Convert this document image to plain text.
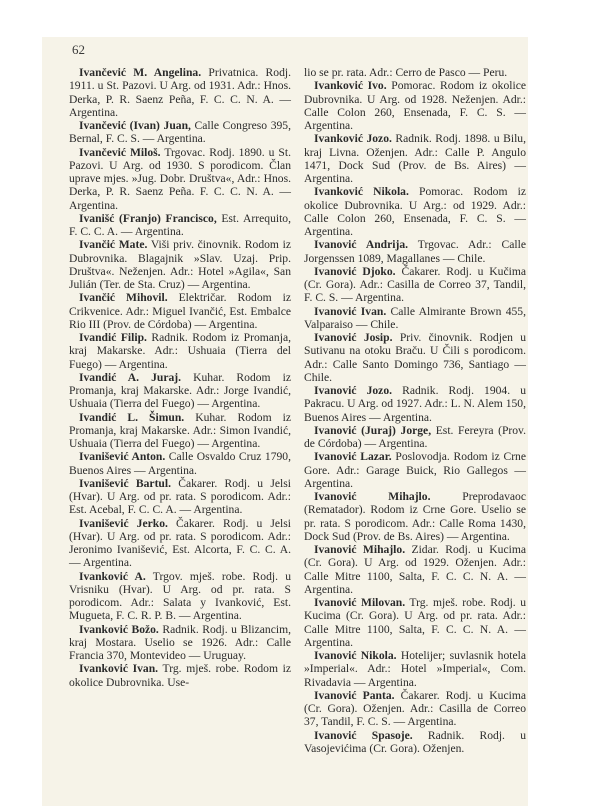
62

Ivančević M. Angelina. Privatnica. Rodj. 1911. u St. Pazovi. U Arg. od 1931. Adr.: Hnos. Derka, P. R. Saenz Peña, F. C. C. N. A. — Argentina.

Ivančević (Ivan) Juan, Calle Congreso 395, Bernal, F. C. S. — Argentina.

Ivančević Miloš. Trgovac. Rodj. 1890. u St. Pazovi. U Arg. od 1930. S porodicom. Član uprave mjes. »Jug. Dobr. Društva«, Adr.: Hnos. Derka, P. R. Saenz Peña. F. C. C. N. A. — Argentina.

Ivanišć (Franjo) Francisco, Est. Arrequito, F. C. C. A. — Argentina.

Ivančić Mate. Viši priv. činovnik. Rodom iz Dubrovnika. Blagajnik »Slav. Uzaj. Prip. Društva«. Neženjen. Adr.: Hotel »Agila«, San Julián (Ter. de Sta. Cruz) — Argentina.

Ivančić Mihovil. Električar. Rodom iz Crikvenice. Adr.: Miguel Ivančić, Est. Embalce Rio III (Prov. de Córdoba) — Argentina.

Ivandić Filip. Radnik. Rodom iz Promanja, kraj Makarske. Adr.: Ushuaia (Tierra del Fuego) — Argentina.

Ivandić A. Juraj. Kuhar. Rodom iz Promanja, kraj Makarske. Adr.: Jorge Ivandić, Ushuaia (Tierra del Fuego) — Argentina.

Ivandić L. Šimun. Kuhar. Rodom iz Promanja, kraj Makarske. Adr.: Simon Ivandić, Ushuaia (Tierra del Fuego) — Argentina.

Ivanišević Anton. Calle Osvaldo Cruz 1790, Buenos Aires — Argentina.

Ivanišević Bartul. Čakarer. Rodj. u Jelsi (Hvar). U Arg. od pr. rata. S porodicom. Adr.: Est. Acebal, F. C. C. A. — Argentina.

Ivanišević Jerko. Čakarer. Rodj. u Jelsi (Hvar). U Arg. od pr. rata. S porodicom. Adr.: Jeronimo Ivanišević, Est. Alcorta, F. C. C. A. — Argentina.

Ivanković A. Trgov. mješ. robe. Rodj. u Vrisniku (Hvar). U Arg. od pr. rata. S porodicom. Adr.: Salata y Ivanković, Est. Mugueta, F. C. R. P. B. — Argentina.

Ivanković Božo. Radnik. Rodj. u Blizancim, kraj Mostara. Uselio se 1926. Adr.: Calle Francia 370, Montevideo — Uruguay.

Ivanković Ivan. Trg. mješ. robe. Rodom iz okolice Dubrovnika. Use-

lio se pr. rata. Adr.: Cerro de Pasco — Peru.

Ivanković Ivo. Pomorac. Rodom iz okolice Dubrovnika. U Arg. od 1928. Neženjen. Adr.: Calle Colon 260, Ensenada, F. C. S. — Argentina.

Ivanković Jozo. Radnik. Rodj. 1898. u Bilu, kraj Livna. Oženjen. Adr.: Calle P. Angulo 1471, Dock Sud (Prov. de Bs. Aires) — Argentina.

Ivanković Nikola. Pomorac. Rodom iz okolice Dubrovnika. U Arg.: od 1929. Adr.: Calle Colon 260, Ensenada, F. C. S. — Argentina.

Ivanović Andrija. Trgovac. Adr.: Calle Jorgenssen 1089, Magallanes — Chile.

Ivanović Djoko. Čakarer. Rodj. u Kučima (Cr. Gora). Adr.: Casilla de Correo 37, Tandil, F. C. S. — Argentina.

Ivanović Ivan. Calle Almirante Brown 455, Valparaiso — Chile.

Ivanović Josip. Priv. činovnik. Rodjen u Sutivanu na otoku Braču. U Čili s porodicom. Adr.: Calle Santo Domingo 736, Santiago — Chile.

Ivanović Jozo. Radnik. Rodj. 1904. u Pakracu. U Arg. od 1927. Adr.: L. N. Alem 150, Buenos Aires — Argentina.

Ivanović (Juraj) Jorge, Est. Fereyra (Prov. de Córdoba) — Argentina.

Ivanović Lazar. Poslovodja. Rodom iz Crne Gore. Adr.: Garage Buick, Rio Gallegos — Argentina.

Ivanović Mihajlo. Preprodavaoc (Rematador). Rodom iz Crne Gore. Uselio se pr. rata. S porodicom. Adr.: Calle Roma 1430, Dock Sud (Prov. de Bs. Aires) — Argentina.

Ivanović Mihajlo. Zidar. Rodj. u Kucima (Cr. Gora). U Arg. od 1929. Oženjen. Adr.: Calle Mitre 1100, Salta, F. C. C. N. A. — Argentina.

Ivanović Milovan. Trg. mješ. robe. Rodj. u Kucima (Cr. Gora). U Arg. od pr. rata. Adr.: Calle Mitre 1100, Salta, F. C. C. N. A. — Argentina.

Ivanović Nikola. Hotelijer; suvlasnik hotela »Imperial«. Adr.: Hotel »Imperial«, Com. Rivadavia — Argentina.

Ivanović Panta. Čakarer. Rodj. u Kucima (Cr. Gora). Oženjen. Adr.: Casilla de Correo 37, Tandil, F. C. S. — Argentina.

Ivanović Spasoje. Radnik. Rodj. u Vasojevićima (Cr. Gora). Oženjen.
